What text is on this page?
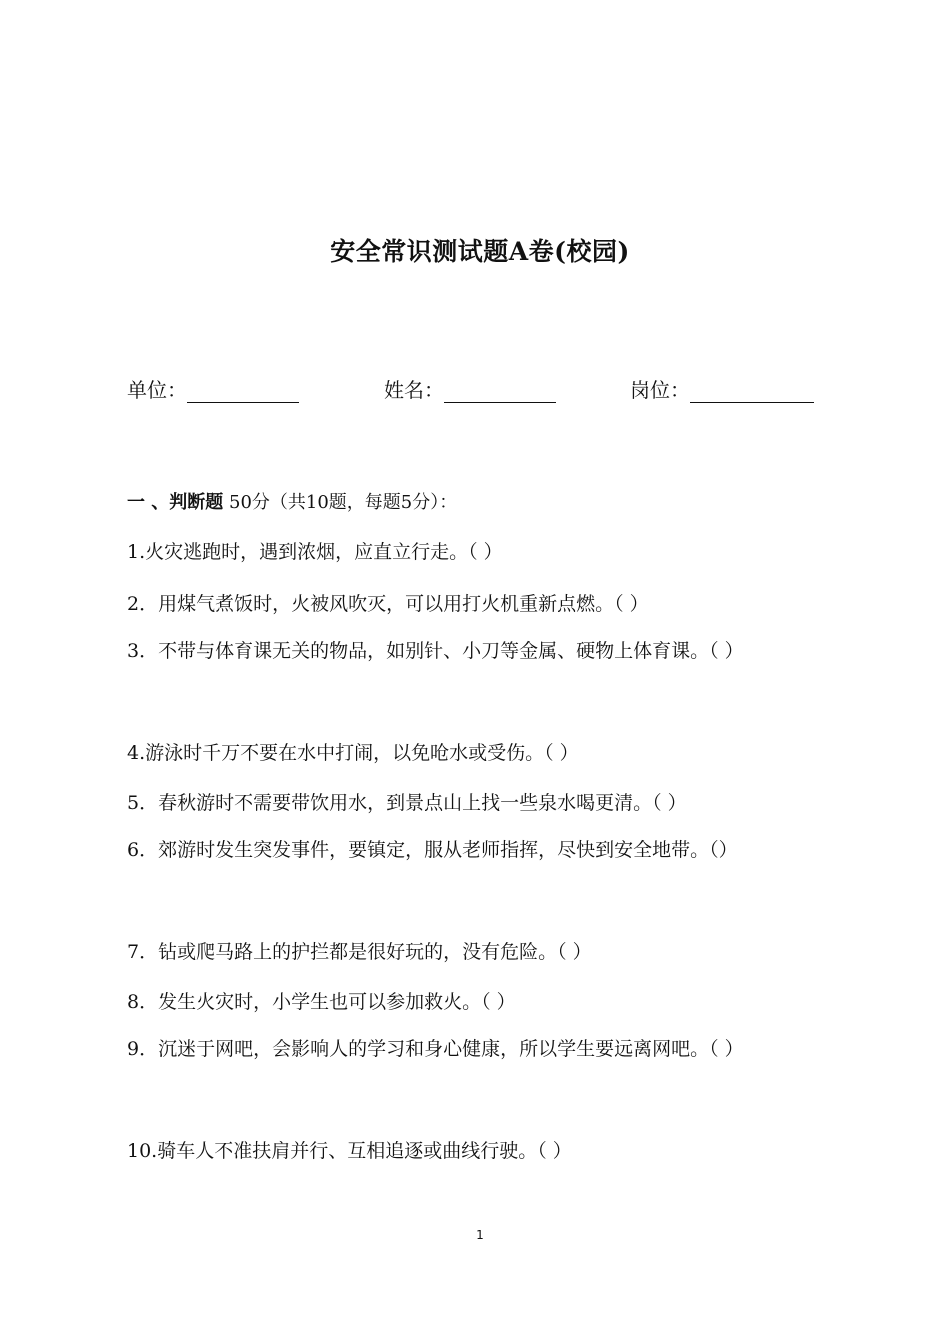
安全常识测试题A卷(校园)
单位：	姓名：	岗位：
一 、判断题 50分（共10题，每题5分）：
1.火灾逃跑时，遇到浓烟，应直立行走。（ ）
2．用煤气煮饭时，火被风吹灭，可以用打火机重新点燃。（ ）
3．不带与体育课无关的物品，如别针、小刀等金属、硬物上体育课。（ ）
4.游泳时千万不要在水中打闹，以免呛水或受伤。（ ）
5．春秋游时不需要带饮用水，到景点山上找一些泉水喝更清。（ ）
6．郊游时发生突发事件，要镇定，服从老师指挥，尽快到安全地带。（）
7．钻或爬马路上的护拦都是很好玩的，没有危险。（ ）
8．发生火灾时，小学生也可以参加救火。（ ）
9．沉迷于网吧，会影响人的学习和身心健康，所以学生要远离网吧。（ ）
10.骑车人不准扶肩并行、互相追逐或曲线行驶。（ ）
1
